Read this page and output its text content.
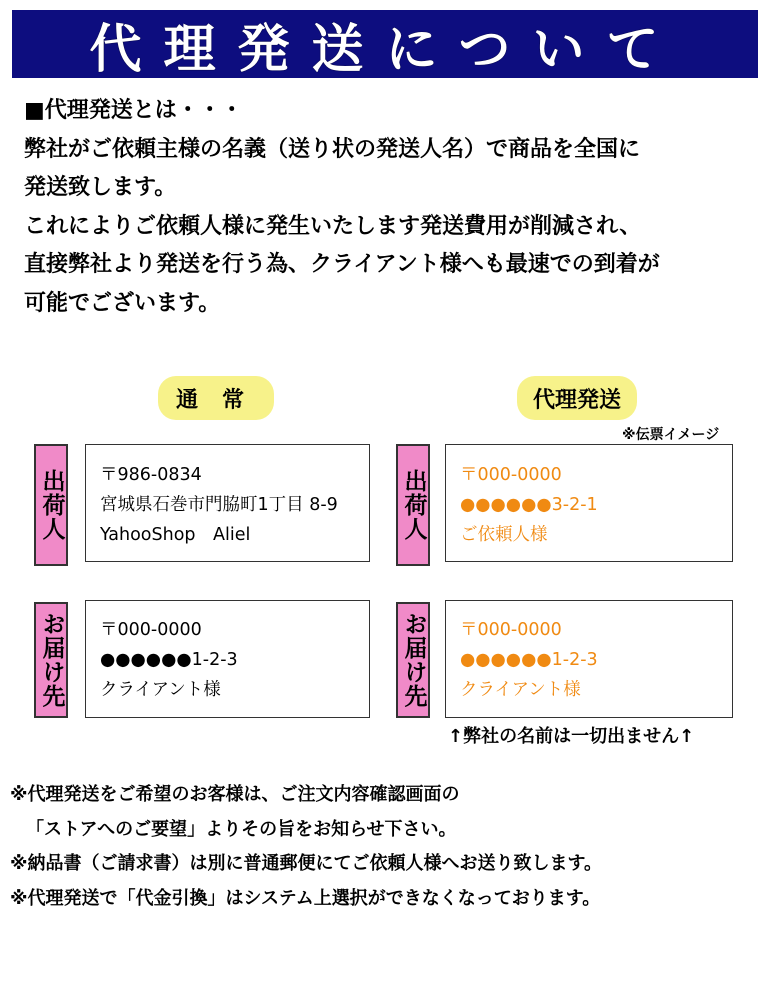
代理発送について

■代理発送とは・・・

弊社がご依頼主様の名義（送り状の発送人名）で商品を全国に

発送致します。

これによりご依頼人様に発生いたします発送費用が削減され、

直接弊社より発送を行う為、クライアント様へも最速での到着が

可能でございます。

通常	代理発送
※伝票イメージ
出荷人 〒986-0834
宮城県石巻市門脇町1丁目 8-9
YahooShop　Aliel	出荷人 〒000-0000
●●●●●●3-2-1
ご依頼人様
お届け先 〒000-0000
●●●●●●1-2-3
クライアント様	お届け先 〒000-0000
●●●●●●1-2-3
クライアント様
↑弊社の名前は一切出ません↑

※代理発送をご希望のお客様は、ご注文内容確認画面の

「ストアへのご要望」よりその旨をお知らせ下さい。

※納品書（ご請求書）は別に普通郵便にてご依頼人様へお送り致します。

※代理発送で「代金引換」はシステム上選択ができなくなっております。
